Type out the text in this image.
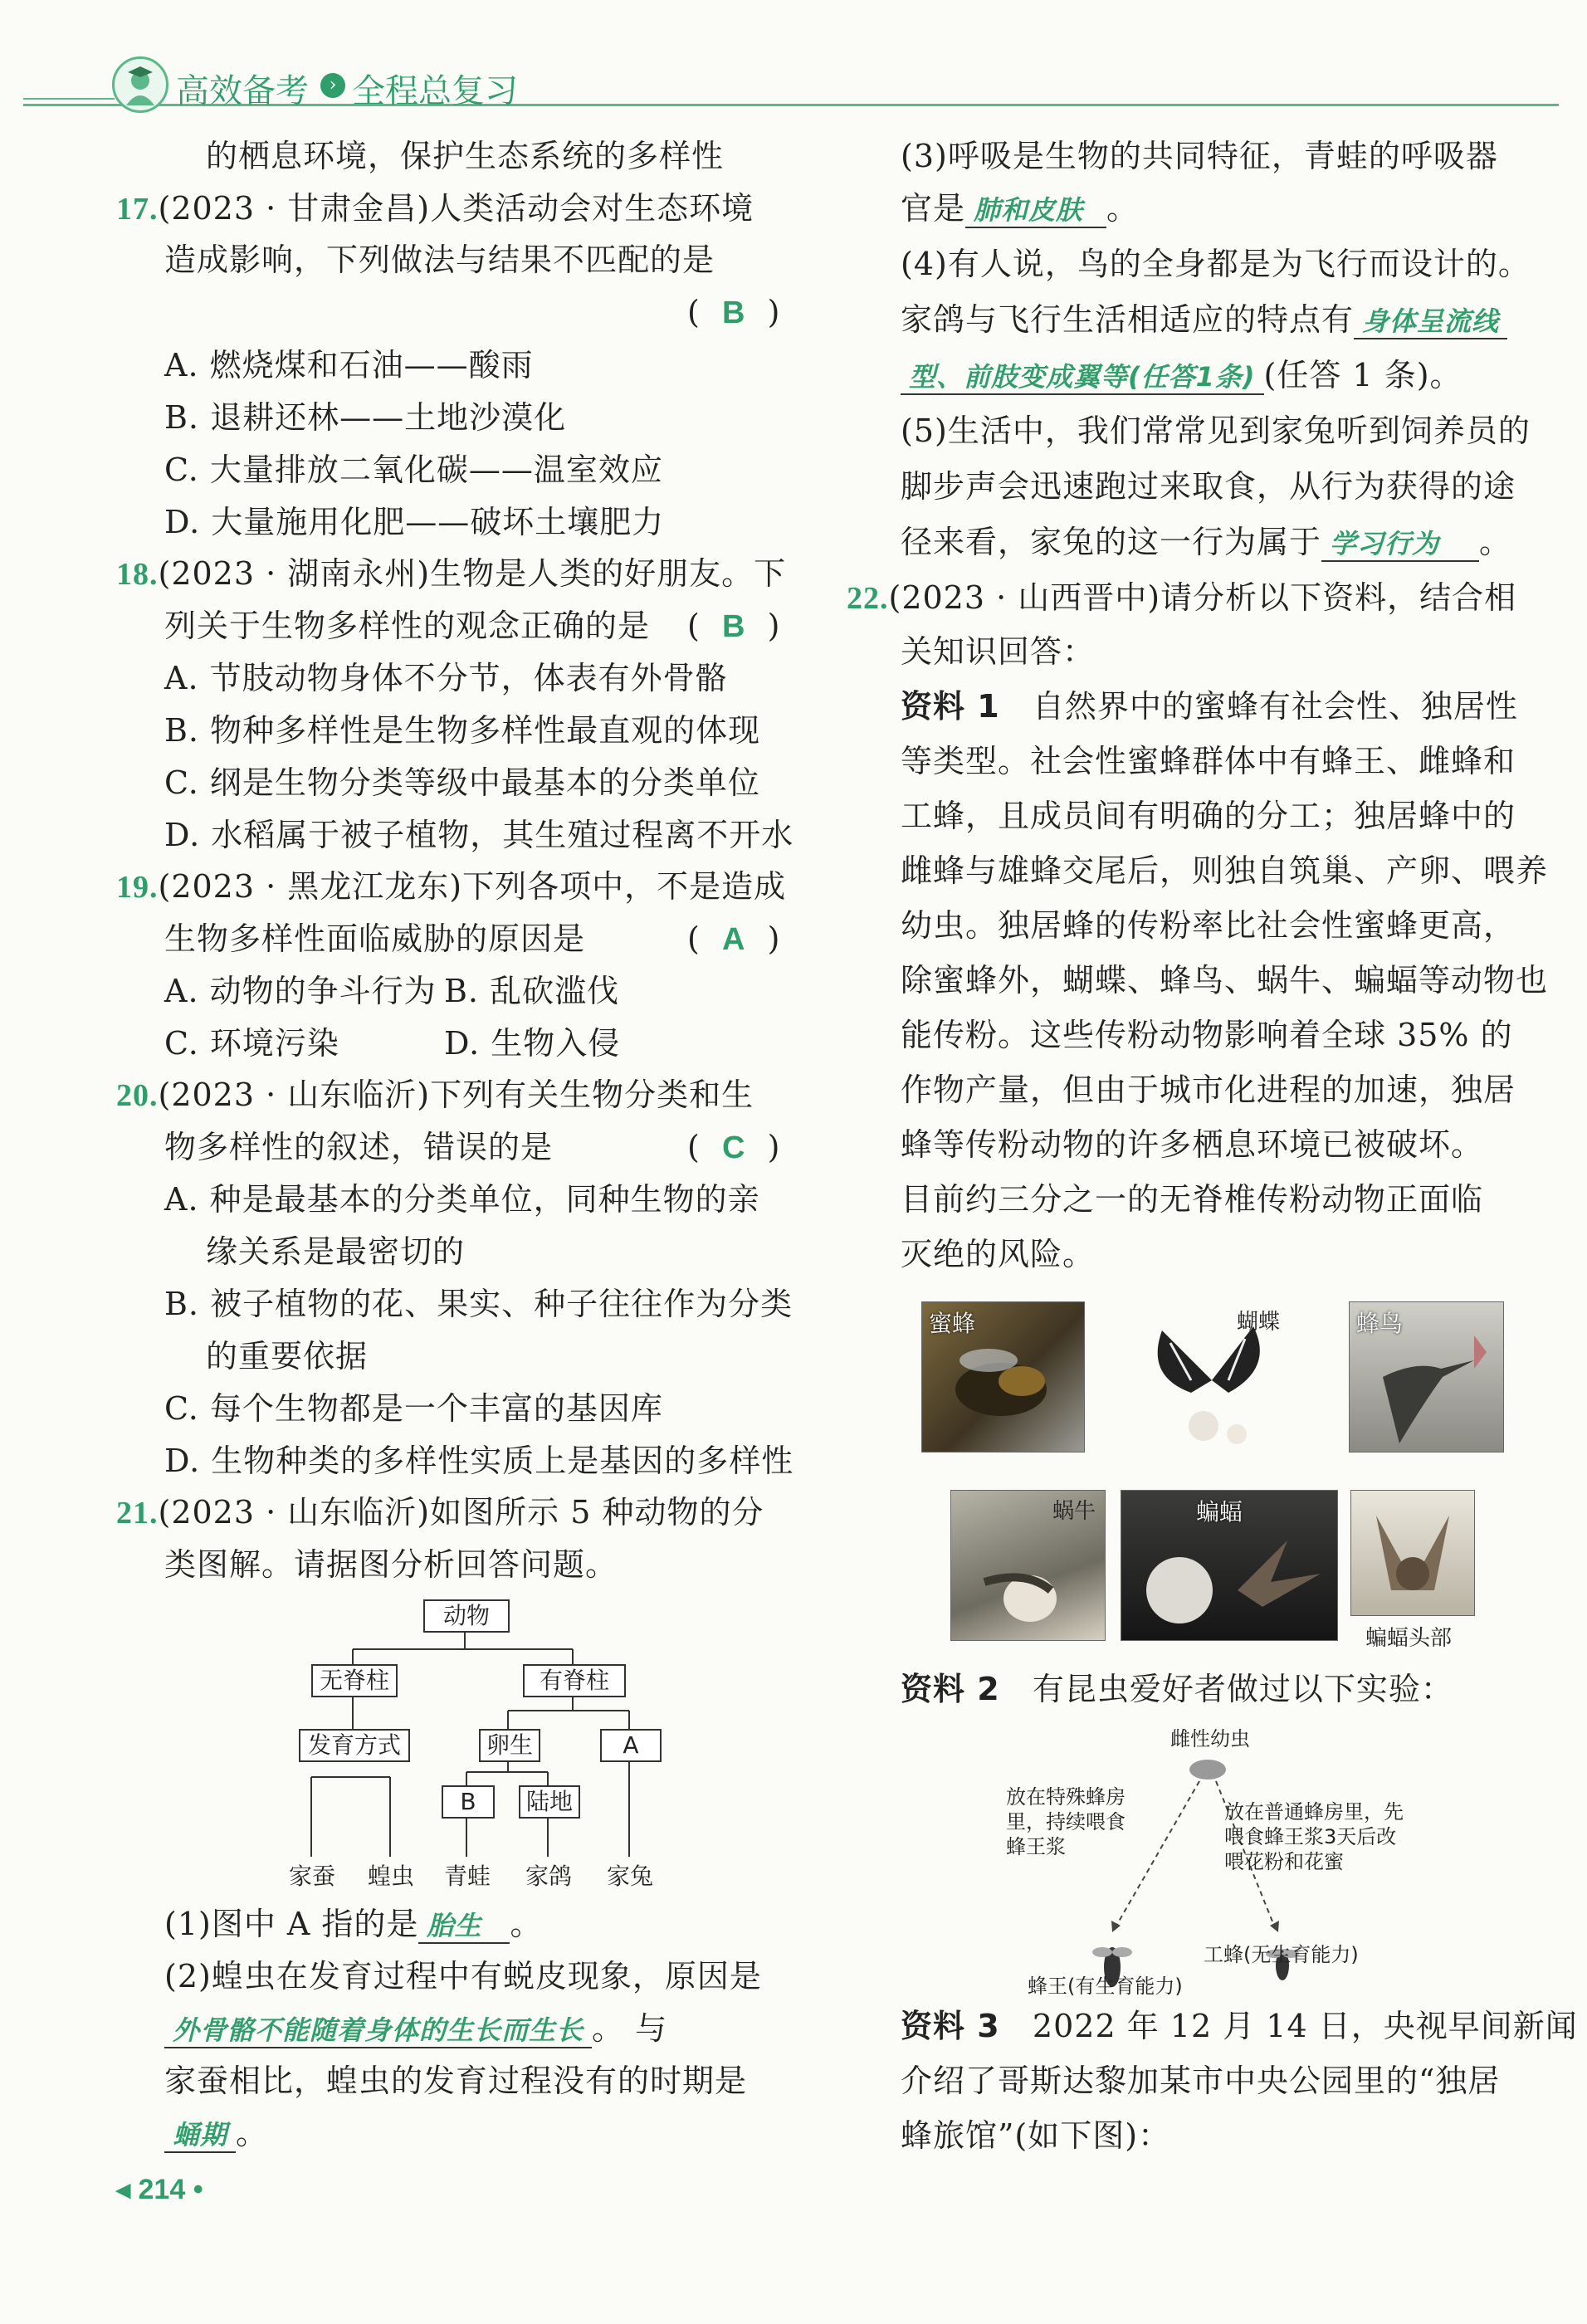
高效备考	› 全程总复习
的栖息环境，保护生态系统的多样性
17.(2023 · 甘肃金昌)人类活动会对生态环境
造成影响，下列做法与结果不匹配的是
(  B  )
A. 燃烧煤和石油——酸雨
B. 退耕还林——土地沙漠化
C. 大量排放二氧化碳——温室效应
D. 大量施用化肥——破坏土壤肥力
18.(2023 · 湖南永州)生物是人类的好朋友。下
列关于生物多样性的观念正确的是 (  B  )
A. 节肢动物身体不分节，体表有外骨骼
B. 物种多样性是生物多样性最直观的体现
C. 纲是生物分类等级中最基本的分类单位
D. 水稻属于被子植物，其生殖过程离不开水
19.(2023 · 黑龙江龙东)下列各项中，不是造成
生物多样性面临威胁的原因是	(  A  )
A. 动物的争斗行为 B. 乱砍滥伐
C. 环境污染	D. 生物入侵
20.(2023 · 山东临沂)下列有关生物分类和生
物多样性的叙述，错误的是	(  C  )
A. 种是最基本的分类单位，同种生物的亲
缘关系是最密切的
B. 被子植物的花、果实、种子往往作为分类
的重要依据
C. 每个生物都是一个丰富的基因库
D. 生物种类的多样性实质上是基因的多样性
21.(2023 · 山东临沂)如图所示 5 种动物的分
类图解。请据图分析回答问题。
动物
无脊柱	有脊柱
发育方式	卵生	A
B	陆地
家蚕 蝗虫 青蛙 家鸽 家兔
(1)图中 A 指的是 胎生 。
(2)蝗虫在发育过程中有蜕皮现象，原因是
外骨骼不能随着身体的生长而生长 。 与
家蚕相比，蝗虫的发育过程没有的时期是
蛹期 。
◂ 214 •
(3)呼吸是生物的共同特征，青蛙的呼吸器
官是 肺和皮肤 。
(4)有人说，鸟的全身都是为飞行而设计的。
家鸽与飞行生活相适应的特点有 身体呈流线
型、前肢变成翼等(任答1条) (任答 1 条)。
(5)生活中，我们常常见到家兔听到饲养员的
脚步声会迅速跑过来取食，从行为获得的途
径来看，家兔的这一行为属于 学习行为 。
22.(2023 · 山西晋中)请分析以下资料，结合相
关知识回答：
资料 1 自然界中的蜜蜂有社会性、独居性
等类型。社会性蜜蜂群体中有蜂王、雌蜂和
工蜂，且成员间有明确的分工；独居蜂中的
雌蜂与雄蜂交尾后，则独自筑巢、产卵、喂养
幼虫。独居蜂的传粉率比社会性蜜蜂更高，
除蜜蜂外，蝴蝶、蜂鸟、蜗牛、蝙蝠等动物也
能传粉。这些传粉动物影响着全球 35% 的
作物产量，但由于城市化进程的加速，独居
蜂等传粉动物的许多栖息环境已被破坏。
目前约三分之一的无脊椎传粉动物正面临
灭绝的风险。
蜜蜂	蝴蝶	蜂鸟
蜗牛	蝙蝠
蝙蝠头部
资料 2 有昆虫爱好者做过以下实验：
雌性幼虫
放在特殊蜂房
里，持续喂食
蜂王浆
放在普通蜂房里，先
喂食蜂王浆3天后改
喂花粉和花蜜
蜂王(有生育能力)
工蜂(无生育能力)
资料 3 2022 年 12 月 14 日，央视早间新闻
介绍了哥斯达黎加某市中央公园里的“独居
蜂旅馆”(如下图)：
